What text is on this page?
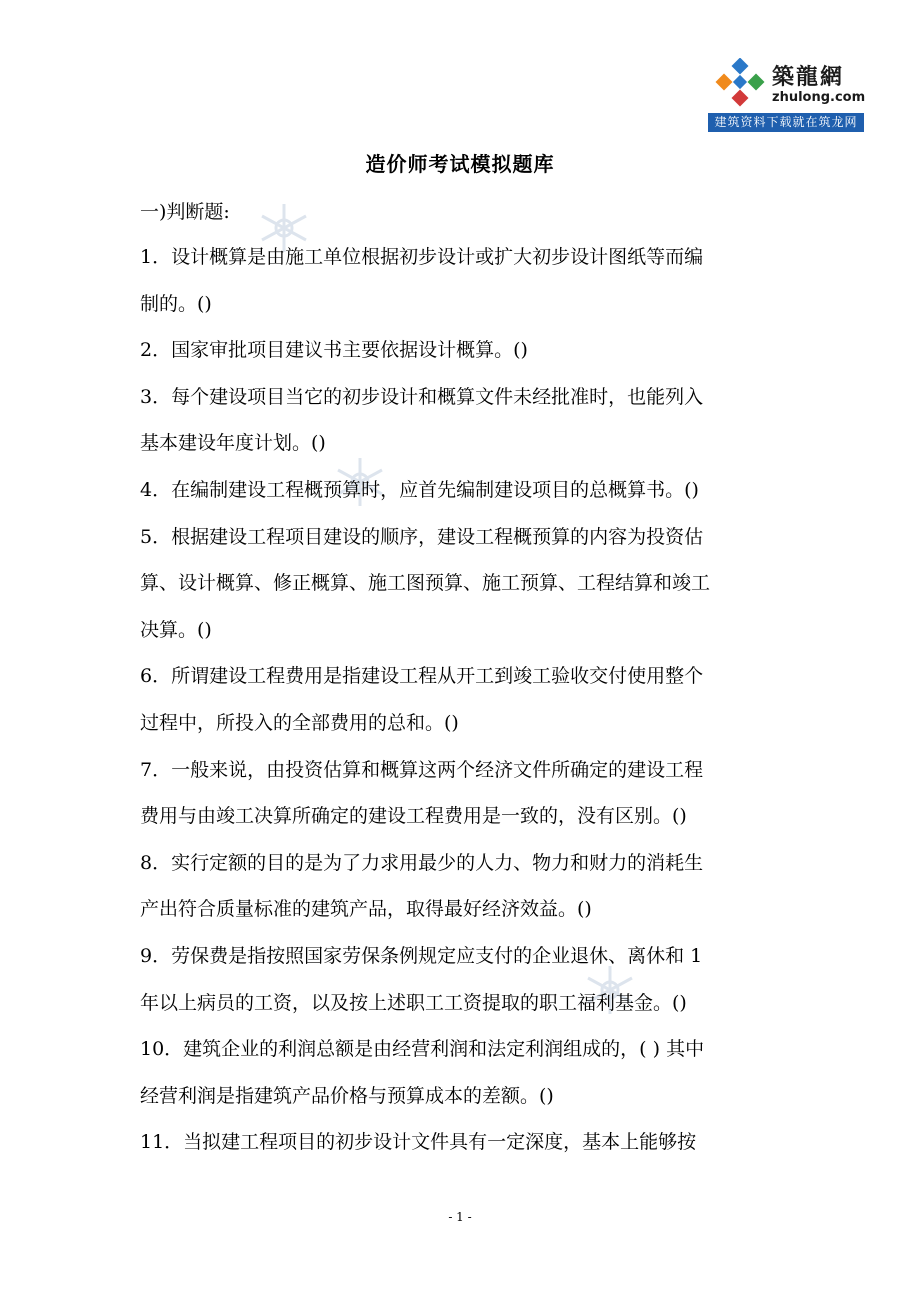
築龍網
zhulong.com
建筑资料下载就在筑龙网
造价师考试模拟题库
一)判断题:
1．设计概算是由施工单位根据初步设计或扩大初步设计图纸等而编
制的。()
2．国家审批项目建议书主要依据设计概算。()
3．每个建设项目当它的初步设计和概算文件未经批准时，也能列入
基本建设年度计划。()
4．在编制建设工程概预算时，应首先编制建设项目的总概算书。()
5．根据建设工程项目建设的顺序，建设工程概预算的内容为投资估
算、设计概算、修正概算、施工图预算、施工预算、工程结算和竣工
决算。()
6．所谓建设工程费用是指建设工程从开工到竣工验收交付使用整个
过程中，所投入的全部费用的总和。()
7．一般来说，由投资估算和概算这两个经济文件所确定的建设工程
费用与由竣工决算所确定的建设工程费用是一致的，没有区别。()
8．实行定额的目的是为了力求用最少的人力、物力和财力的消耗生
产出符合质量标准的建筑产品，取得最好经济效益。()
9．劳保费是指按照国家劳保条例规定应支付的企业退休、离休和 1
年以上病员的工资，以及按上述职工工资提取的职工福利基金。()
10．建筑企业的利润总额是由经营利润和法定利润组成的，( ) 其中
经营利润是指建筑产品价格与预算成本的差额。()
11．当拟建工程项目的初步设计文件具有一定深度，基本上能够按
- 1 -
